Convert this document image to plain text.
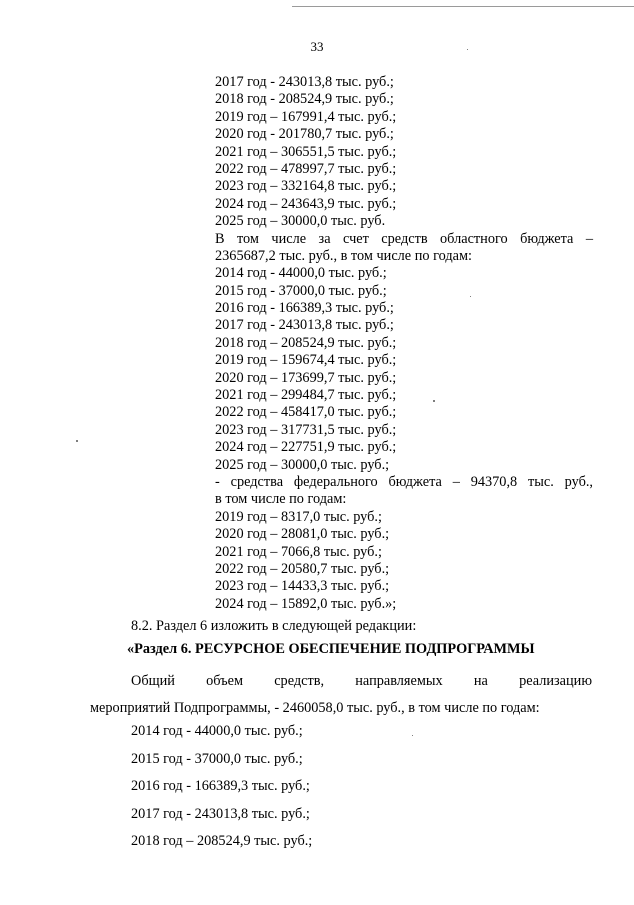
33
2017 год - 243013,8 тыс. руб.;
2018 год - 208524,9 тыс. руб.;
2019 год – 167991,4 тыс. руб.;
2020 год - 201780,7 тыс. руб.;
2021 год – 306551,5 тыс. руб.;
2022 год – 478997,7 тыс. руб.;
2023 год – 332164,8 тыс. руб.;
2024 год – 243643,9 тыс. руб.;
2025 год – 30000,0 тыс. руб.
В том числе за счет средств областного бюджета –
2365687,2 тыс. руб., в том числе по годам:
2014 год - 44000,0 тыс. руб.;
2015 год - 37000,0 тыс. руб.;
2016 год - 166389,3 тыс. руб.;
2017 год - 243013,8 тыс. руб.;
2018 год – 208524,9 тыс. руб.;
2019 год – 159674,4 тыс. руб.;
2020 год – 173699,7 тыс. руб.;
2021 год – 299484,7 тыс. руб.;
2022 год – 458417,0 тыс. руб.;
2023 год – 317731,5 тыс. руб.;
2024 год – 227751,9 тыс. руб.;
2025 год – 30000,0 тыс. руб.;
- средства федерального бюджета – 94370,8 тыс. руб.,
в том числе по годам:
2019 год – 8317,0 тыс. руб.;
2020 год – 28081,0 тыс. руб.;
2021 год – 7066,8 тыс. руб.;
2022 год – 20580,7 тыс. руб.;
2023 год – 14433,3 тыс. руб.;
2024 год – 15892,0 тыс. руб.»;
8.2. Раздел 6 изложить в следующей редакции:
«Раздел 6. РЕСУРСНОЕ ОБЕСПЕЧЕНИЕ ПОДПРОГРАММЫ
Общий объем средств, направляемых на реализацию
мероприятий Подпрограммы, - 2460058,0 тыс. руб., в том числе по годам:
2014 год - 44000,0 тыс. руб.;
2015 год - 37000,0 тыс. руб.;
2016 год - 166389,3 тыс. руб.;
2017 год - 243013,8 тыс. руб.;
2018 год – 208524,9 тыс. руб.;
